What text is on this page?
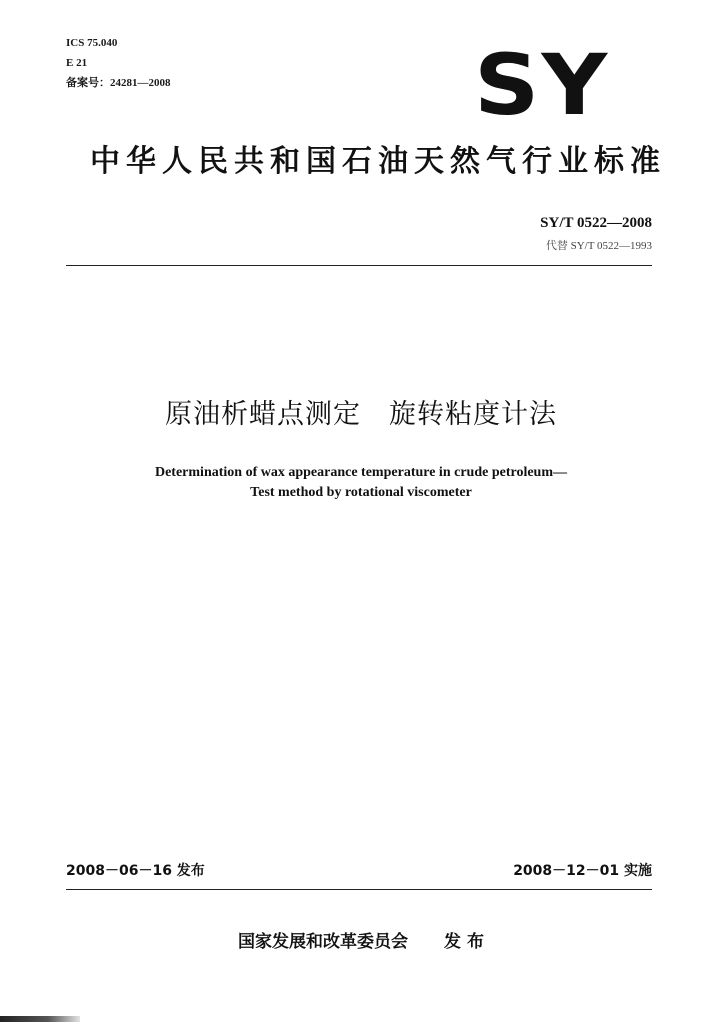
ICS 75.040
E 21
备案号：24281—2008	SY
中华人民共和国石油天然气行业标准
SY/T 0522—2008
代替 SY/T 0522—1993
原油析蜡点测定　旋转粘度计法
Determination of wax appearance temperature in crude petroleum—
Test method by rotational viscometer
2008－06－16 发布	2008－12－01 实施
国家发展和改革委员会 发 布
